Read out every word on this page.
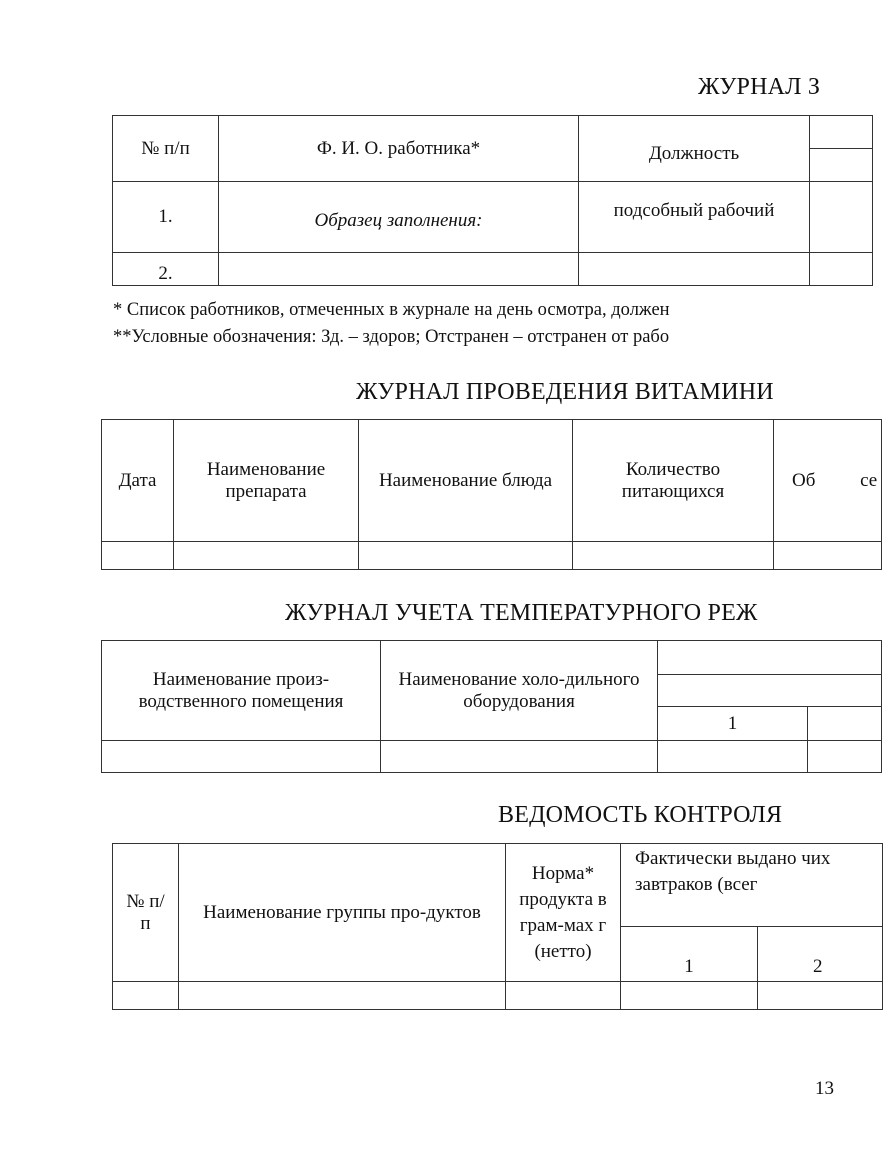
ЖУРНАЛ З
№ п/п	Ф. И. О. работника*	Должность	

1.	Образец заполнения:	подсобный рабочий	
2.			
* Список работников, отмеченных в журнале на день осмотра, должен
**Условные обозначения: Зд. – здоров; Отстранен – отстранен от рабо
ЖУРНАЛ ПРОВЕДЕНИЯ ВИТАМИНИ
Дата	Наименование препарата	Наименование блюда	Количество питающихся	Об се

ЖУРНАЛ УЧЕТА ТЕМПЕРАТУРНОГО РЕЖ
Наименование произ-водственного помещения	Наименование холо-дильного оборудования		

		1	

ВЕДОМОСТЬ КОНТРОЛЯ
№ п/п	Наименование группы про-дуктов	Норма* продукта в грам-мах г (нетто)	Фактически выдано чих завтраков (всег	
			1	2

13
